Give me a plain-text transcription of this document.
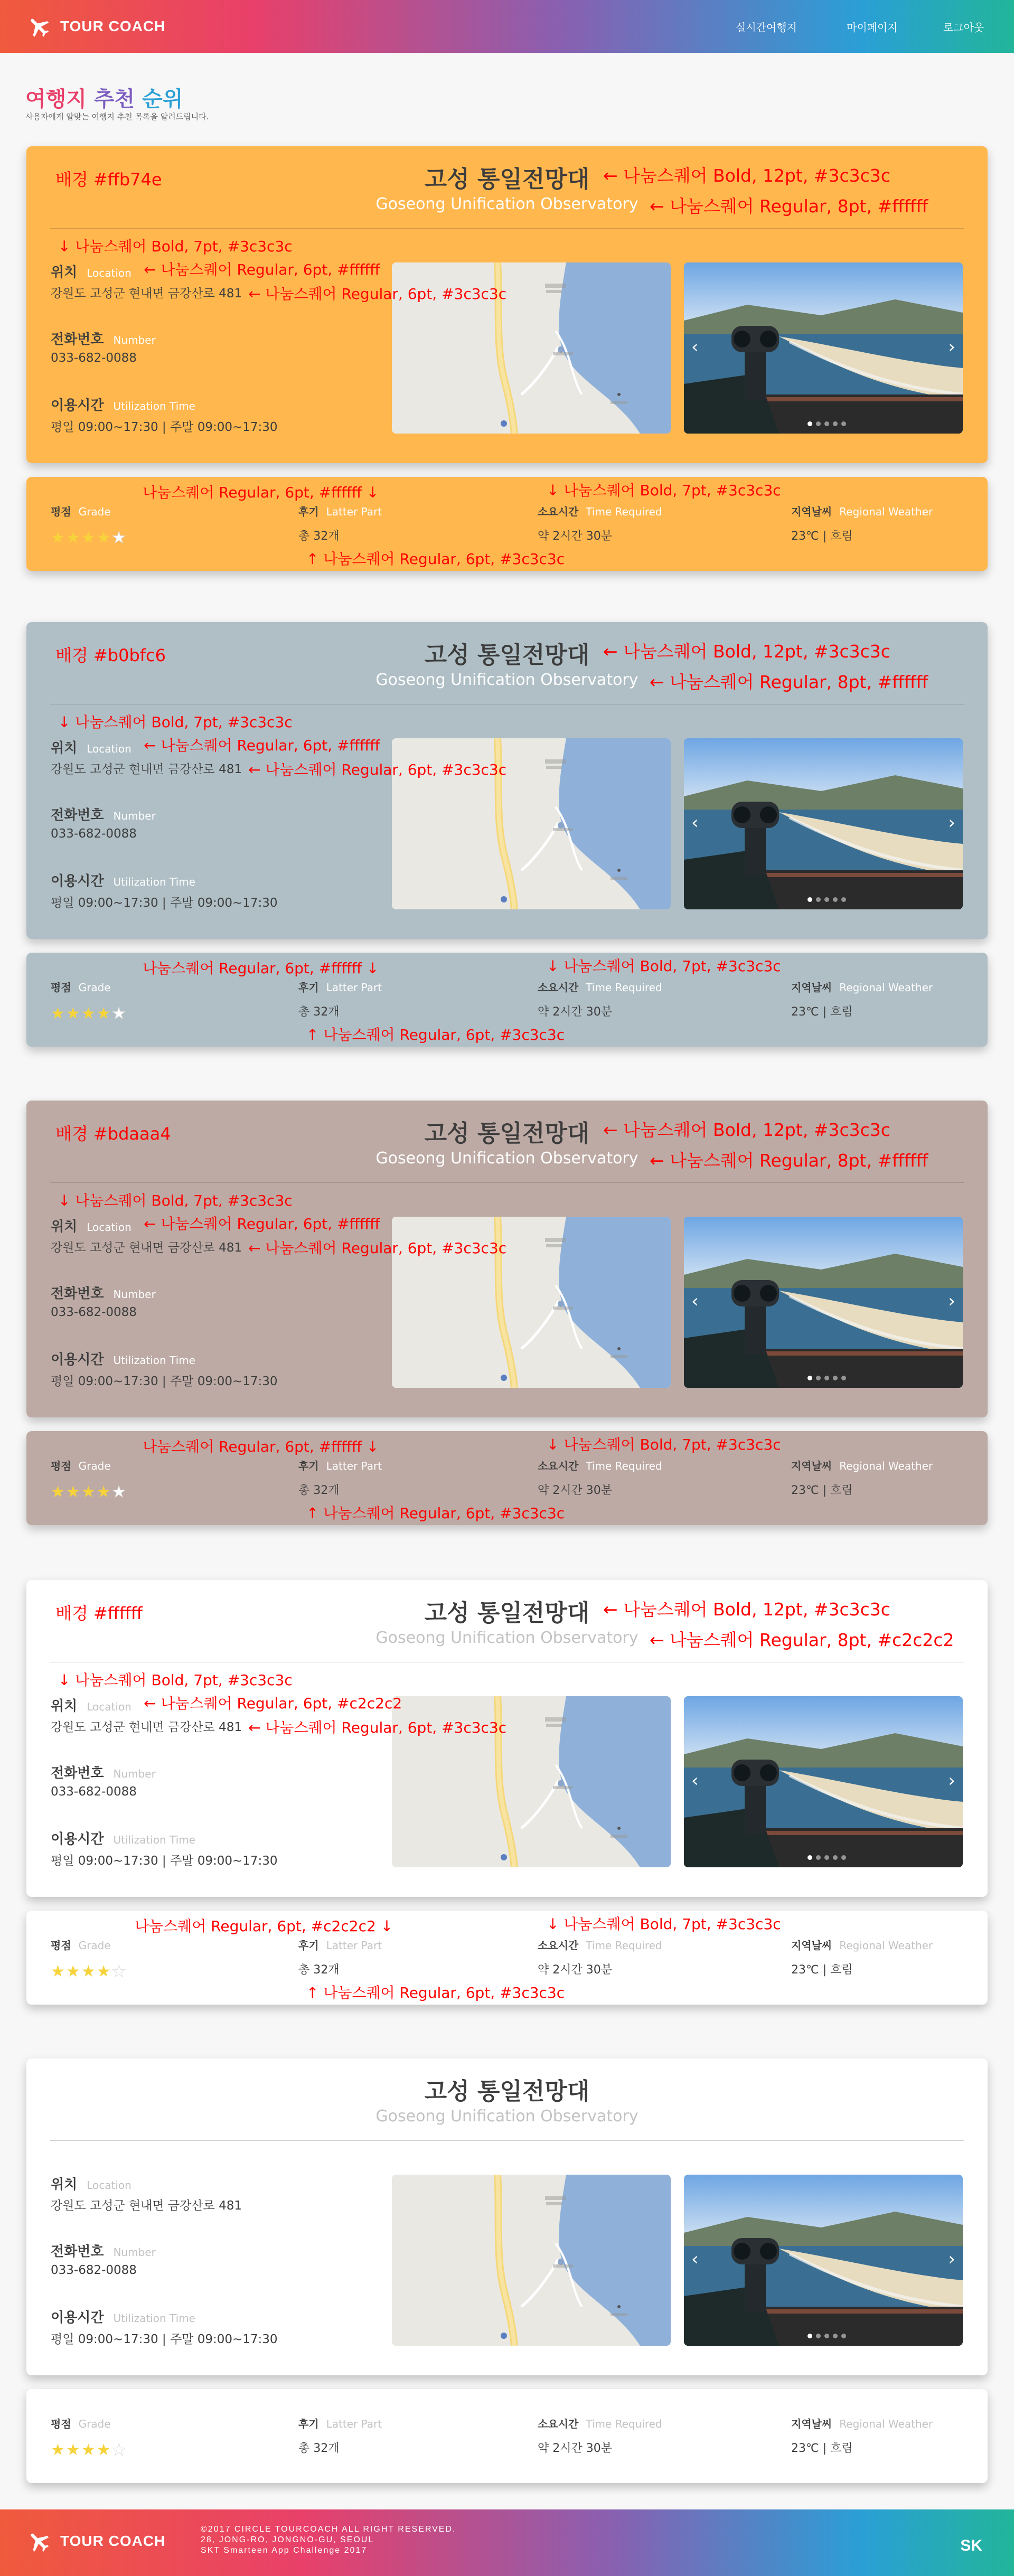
TOUR COACH	실시간여행지	마이페이지	로그아웃
여행지 추천 순위
사용자에게 알맞는 여행지 추천 목록을 알려드립니다.
고성 통일전망대
Goseong Unification Observatory
위치 Location
강원도 고성군 현내면 금강산로 481
전화번호 Number
033-682-0088
이용시간 Utilization Time
평일 09:00~17:30 | 주말 09:00~17:30
‹	›
배경 #ffb74e	← 나눔스퀘어 Bold, 12pt, #3c3c3c
← 나눔스퀘어 Regular, 8pt, #ffffff
↓ 나눔스퀘어 Bold, 7pt, #3c3c3c
← 나눔스퀘어 Regular, 6pt, #ffffff
← 나눔스퀘어 Regular, 6pt, #3c3c3c
평점 Grade
★★★★★
후기 Latter Part
총 32개
소요시간 Time Required
약 2시간 30분
지역날씨 Regional Weather
23℃ | 흐림
나눔스퀘어 Regular, 6pt, #ffffff ↓	↓ 나눔스퀘어 Bold, 7pt, #3c3c3c
↑ 나눔스퀘어 Regular, 6pt, #3c3c3c
고성 통일전망대
Goseong Unification Observatory
위치 Location
강원도 고성군 현내면 금강산로 481
전화번호 Number
033-682-0088
이용시간 Utilization Time
평일 09:00~17:30 | 주말 09:00~17:30
‹	›
배경 #b0bfc6	← 나눔스퀘어 Bold, 12pt, #3c3c3c
← 나눔스퀘어 Regular, 8pt, #ffffff
↓ 나눔스퀘어 Bold, 7pt, #3c3c3c
← 나눔스퀘어 Regular, 6pt, #ffffff
← 나눔스퀘어 Regular, 6pt, #3c3c3c
평점 Grade
★★★★★
후기 Latter Part
총 32개
소요시간 Time Required
약 2시간 30분
지역날씨 Regional Weather
23℃ | 흐림
나눔스퀘어 Regular, 6pt, #ffffff ↓	↓ 나눔스퀘어 Bold, 7pt, #3c3c3c
↑ 나눔스퀘어 Regular, 6pt, #3c3c3c
고성 통일전망대
Goseong Unification Observatory
위치 Location
강원도 고성군 현내면 금강산로 481
전화번호 Number
033-682-0088
이용시간 Utilization Time
평일 09:00~17:30 | 주말 09:00~17:30
‹	›
배경 #bdaaa4	← 나눔스퀘어 Bold, 12pt, #3c3c3c
← 나눔스퀘어 Regular, 8pt, #ffffff
↓ 나눔스퀘어 Bold, 7pt, #3c3c3c
← 나눔스퀘어 Regular, 6pt, #ffffff
← 나눔스퀘어 Regular, 6pt, #3c3c3c
평점 Grade
★★★★★
후기 Latter Part
총 32개
소요시간 Time Required
약 2시간 30분
지역날씨 Regional Weather
23℃ | 흐림
나눔스퀘어 Regular, 6pt, #ffffff ↓	↓ 나눔스퀘어 Bold, 7pt, #3c3c3c
↑ 나눔스퀘어 Regular, 6pt, #3c3c3c
고성 통일전망대
Goseong Unification Observatory
위치 Location
강원도 고성군 현내면 금강산로 481
전화번호 Number
033-682-0088
이용시간 Utilization Time
평일 09:00~17:30 | 주말 09:00~17:30
‹	›
배경 #ffffff	← 나눔스퀘어 Bold, 12pt, #3c3c3c
← 나눔스퀘어 Regular, 8pt, #c2c2c2
↓ 나눔스퀘어 Bold, 7pt, #3c3c3c
← 나눔스퀘어 Regular, 6pt, #c2c2c2
← 나눔스퀘어 Regular, 6pt, #3c3c3c
평점 Grade
★★★★★
후기 Latter Part
총 32개
소요시간 Time Required
약 2시간 30분
지역날씨 Regional Weather
23℃ | 흐림
나눔스퀘어 Regular, 6pt, #c2c2c2 ↓	↓ 나눔스퀘어 Bold, 7pt, #3c3c3c
↑ 나눔스퀘어 Regular, 6pt, #3c3c3c
고성 통일전망대
Goseong Unification Observatory
위치 Location
강원도 고성군 현내면 금강산로 481
전화번호 Number
033-682-0088
이용시간 Utilization Time
평일 09:00~17:30 | 주말 09:00~17:30
‹	›
평점 Grade
★★★★★
후기 Latter Part
총 32개
소요시간 Time Required
약 2시간 30분
지역날씨 Regional Weather
23℃ | 흐림
TOUR COACH
©2017 CIRCLE TOURCOACH ALL RIGHT RESERVED.
28, JONG-RO, JONGNO-GU, SEOUL
SKT Smarteen App Challenge 2017	SK
